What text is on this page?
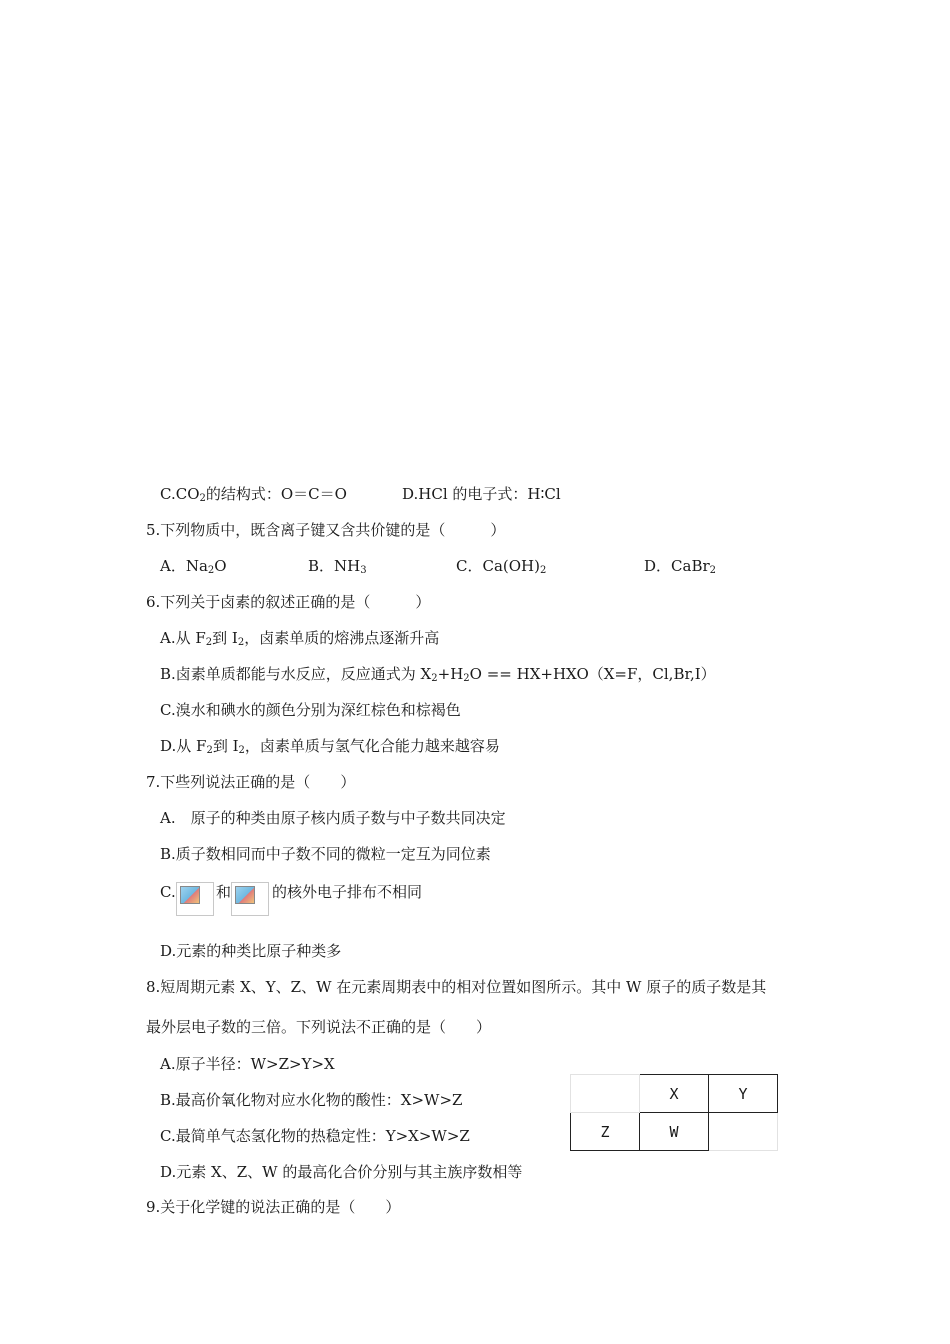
$C.CO_2$的结构式：O＝C＝O	D.HCl 的电子式：H∶Cl
5.下列物质中，既含离子键又含共价键的是（　　　）
A．$Na_2O$	B．$NH_3$	C．$Ca(OH)_2$	D．CaBr$_2$
6.下列关于卤素的叙述正确的是（　　　）
A.从 $F_2$到 $I_2$，卤素单质的熔沸点逐渐升高
B.卤素单质都能与水反应，反应通式为 $X_2+H_2O == HX+HXO(X=F$，Cl,Br,I）
C.溴水和碘水的颜色分别为深红棕色和棕褐色
D.从 $F_2$到 $I_2$，卤素单质与氢气化合能力越来越容易
7.下些列说法正确的是（　　）
A.　原子的种类由原子核内质子数与中子数共同决定
B.质子数相同而中子数不同的微粒一定互为同位素
C.	和	的核外电子排布不相同
D.元素的种类比原子种类多
8.短周期元素 X、Y、Z、W 在元素周期表中的相对位置如图所示。其中 W 原子的质子数是其
最外层电子数的三倍。下列说法不正确的是（　　）
A.原子半径：W>Z>Y>X
B.最高价氧化物对应水化物的酸性：X>W>Z
C.最简单气态氢化物的热稳定性：Y>X>W>Z
D.元素 X、Z、W 的最高化合价分别与其主族序数相等
	X	Y
Z	W	
9.关于化学键的说法正确的是（　　）
